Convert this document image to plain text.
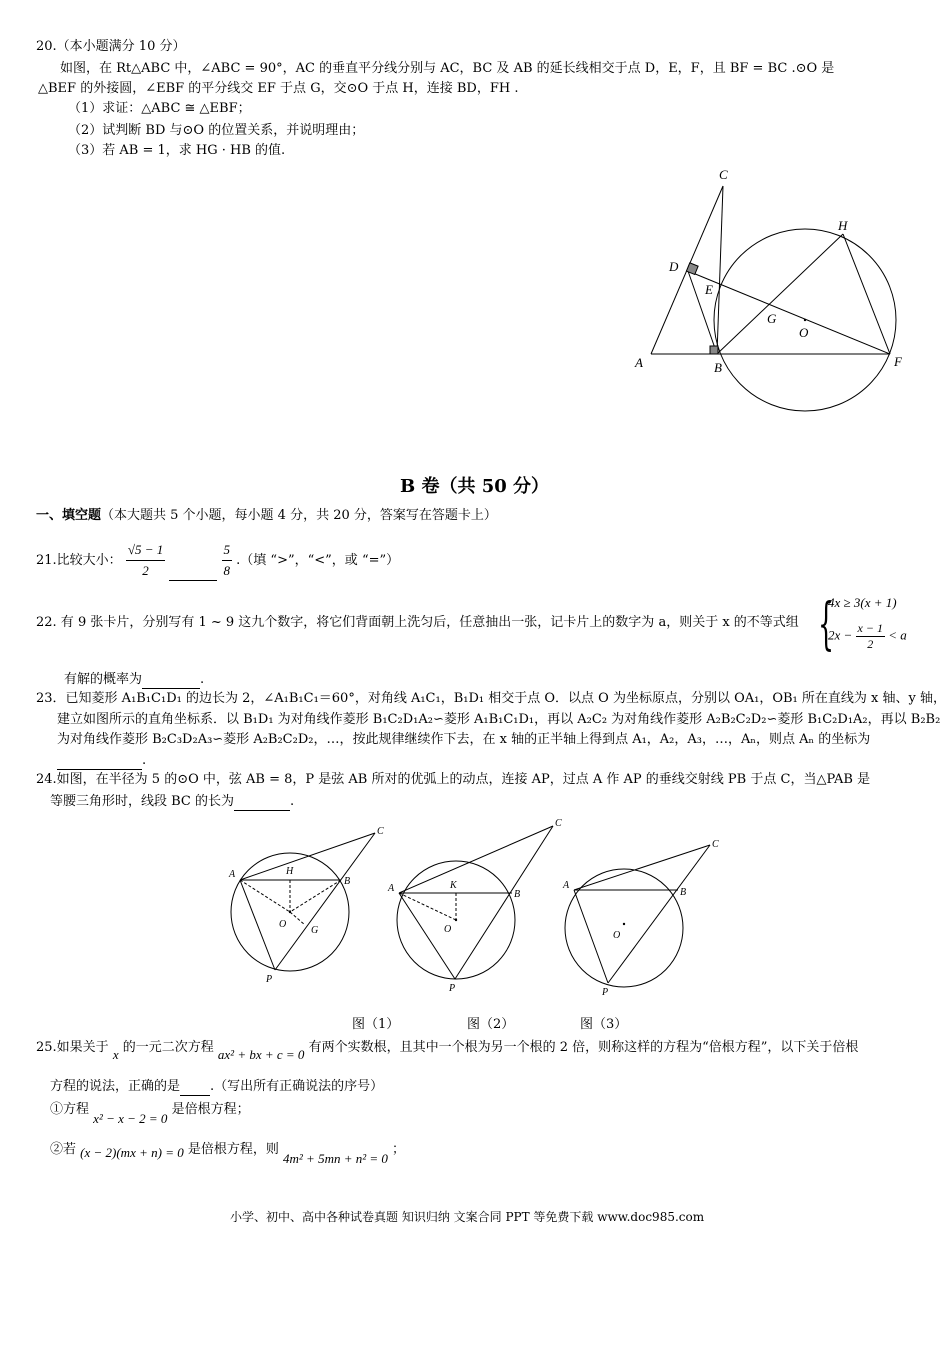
20.（本小题满分 10 分）
如图，在 Rt△ABC 中，∠ABC = 90°，AC 的垂直平分线分别与 AC，BC 及 AB 的延长线相交于点 D，E，F，且 BF = BC .⊙O 是
△BEF 的外接圆，∠EBF 的平分线交 EF 于点 G，交⊙O 于点 H，连接 BD，FH .
（1）求证：△ABC ≅ △EBF；
（2）试判断 BD 与⊙O 的位置关系，并说明理由；
（3）若 AB = 1，求 HG · HB 的值.
C
H
D
E
G
O
A	B	F
B 卷（共 50 分）
一、填空题（本大题共 5 个小题，每小题 4 分，共 20 分，答案写在答题卡上）
21.比较大小： $\frac{√5 - 1}{2}$
	$\frac{5}{8}$ .（填 “>”，“<”，或 “=”）
22. 有 9 张卡片，分别写有 1 ~ 9 这九个数字，将它们背面朝上洗匀后，任意抽出一张，记卡片上的数字为 a，则关于 x 的不等式组 {
4x ≥ 3(x + 1)
$2x - \frac{x - 1}{2} < a$
有解的概率为	.
23．已知菱形 A₁B₁C₁D₁ 的边长为 2，∠A₁B₁C₁＝60°，对角线 A₁C₁，B₁D₁ 相交于点 O．以点 O 为坐标原点，分别以 OA₁，OB₁ 所在直线为 x 轴、y 轴，
建立如图所示的直角坐标系．以 B₁D₁ 为对角线作菱形 B₁C₂D₁A₂∽菱形 A₁B₁C₁D₁，再以 A₂C₂ 为对角线作菱形 A₂B₂C₂D₂∽菱形 B₁C₂D₁A₂，再以 B₂B₂
为对角线作菱形 B₂C₃D₂A₃∽菱形 A₂B₂C₂D₂，…，按此规律继续作下去，在 x 轴的正半轴上得到点 A₁，A₂，A₃，…，Aₙ，则点 Aₙ 的坐标为
.
24.如图，在半径为 5 的⊙O 中，弦 AB = 8，P 是弦 AB 所对的优弧上的动点，连接 AP，过点 A 作 AP 的垂线交射线 PB 于点 C，当△PAB 是
等腰三角形时，线段 BC 的长为	.
A	H
B
C
O
G
P
A	K
B
C
O
P
A
B
C
O
P
图（1）	图（2）	图（3）
25.如果关于 x 的一元二次方程 ax² + bx + c = 0 有两个实数根，且其中一个根为另一个根的 2 倍，则称这样的方程为“倍根方程”，以下关于倍根
方程的说法，正确的是 .（写出所有正确说法的序号）
①方程 x² − x − 2 = 0 是倍根方程；
②若 (x − 2)(mx + n) = 0 是倍根方程，则 4m² + 5mn + n² = 0 ；
小学、初中、高中各种试卷真题 知识归纳 文案合同 PPT 等免费下载 www.doc985.com
